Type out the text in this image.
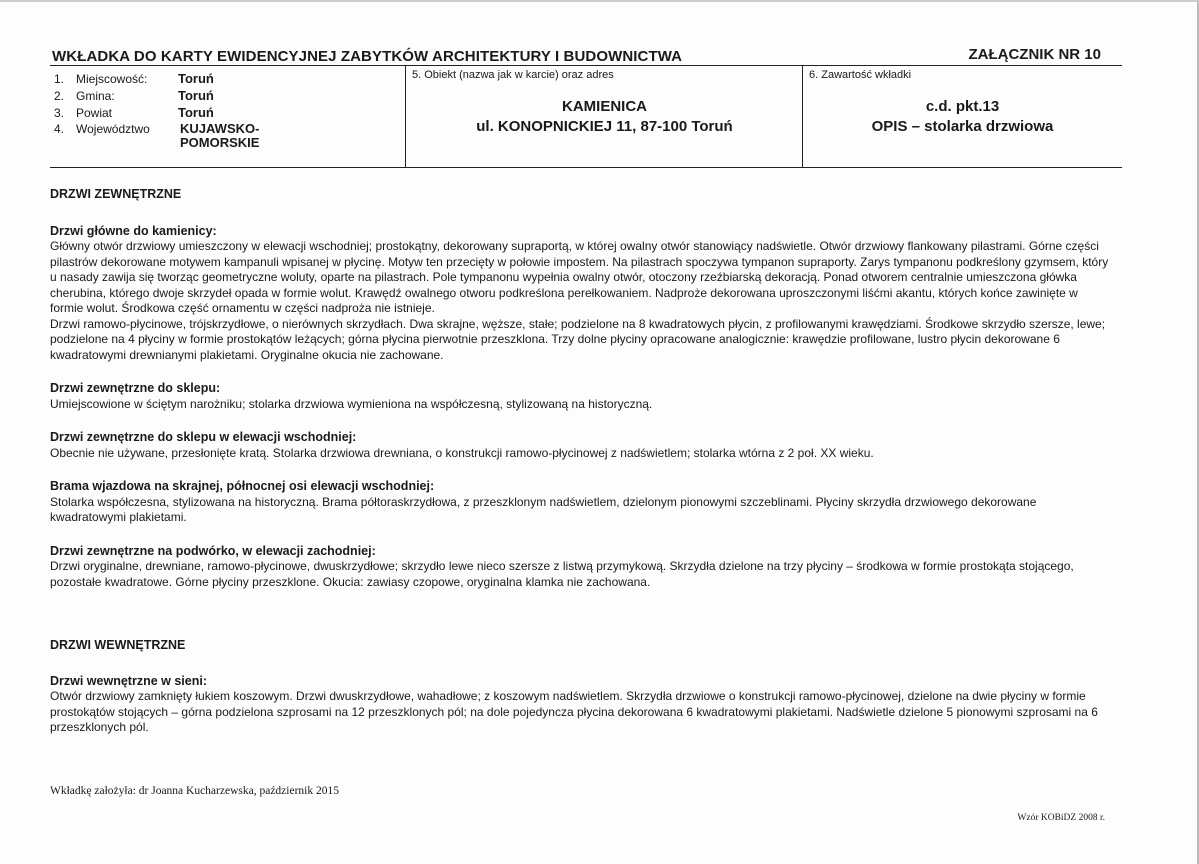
WKŁADKA DO KARTY EWIDENCYJNEJ ZABYTKÓW ARCHITEKTURY I BUDOWNICTWA	ZAŁĄCZNIK NR 10
1. Miejscowość: Toruń
2. Gmina:	Toruń
3. Powiat	Toruń
4. Województwo KUJAWSKO-POMORSKIE
5. Obiekt (nazwa jak w karcie) oraz adres
KAMIENICA
ul. KONOPNICKIEJ 11, 87-100 Toruń
6. Zawartość wkładki
c.d. pkt.13
OPIS – stolarka drzwiowa

DRZWI ZEWNĘTRZNE

Drzwi główne do kamienicy:

Główny otwór drzwiowy umieszczony w elewacji wschodniej; prostokątny, dekorowany supraportą, w której owalny otwór stanowiący nadświetle. Otwór drzwiowy flankowany pilastrami. Górne części pilastrów dekorowane motywem kampanuli wpisanej w płycinę. Motyw ten przecięty w połowie impostem. Na pilastrach spoczywa tympanon supraporty. Zarys tympanonu podkreślony gzymsem, który u nasady zawija się tworząc geometryczne woluty, oparte na pilastrach. Pole tympanonu wypełnia owalny otwór, otoczony rzeźbiarską dekoracją. Ponad otworem centralnie umieszczona główka cherubina, którego dwoje skrzydeł opada w formie wolut. Krawędź owalnego otworu podkreślona perełkowaniem. Nadproże dekorowana uproszczonymi liśćmi akantu, których końce zawinięte w formie wolut. Środkowa część ornamentu w części nadproża nie istnieje.

Drzwi ramowo-płycinowe, trójskrzydłowe, o nierównych skrzydłach. Dwa skrajne, węższe, stałe; podzielone na 8 kwadratowych płycin, z profilowanymi krawędziami. Środkowe skrzydło szersze, lewe; podzielone na 4 płyciny w formie prostokątów leżących; górna płycina pierwotnie przeszklona. Trzy dolne płyciny opracowane analogicznie: krawędzie profilowane, lustro płycin dekorowane 6 kwadratowymi drewnianymi plakietami. Oryginalne okucia nie zachowane.

Drzwi zewnętrzne do sklepu:

Umiejscowione w ściętym narożniku; stolarka drzwiowa wymieniona na współczesną, stylizowaną na historyczną.

Drzwi zewnętrzne do sklepu w elewacji wschodniej:

Obecnie nie używane, przesłonięte kratą. Stolarka drzwiowa drewniana, o konstrukcji ramowo-płycinowej z nadświetlem; stolarka wtórna z 2 poł. XX wieku.

Brama wjazdowa na skrajnej, północnej osi elewacji wschodniej:

Stolarka współczesna, stylizowana na historyczną. Brama półtoraskrzydłowa, z przeszklonym nadświetlem, dzielonym pionowymi szczeblinami. Płyciny skrzydła drzwiowego dekorowane kwadratowymi plakietami.

Drzwi zewnętrzne na podwórko, w elewacji zachodniej:

Drzwi oryginalne, drewniane, ramowo-płycinowe, dwuskrzydłowe; skrzydło lewe nieco szersze z listwą przymykową. Skrzydła dzielone na trzy płyciny – środkowa w formie prostokąta stojącego, pozostałe kwadratowe. Górne płyciny przeszklone. Okucia: zawiasy czopowe, oryginalna klamka nie zachowana.

DRZWI WEWNĘTRZNE

Drzwi wewnętrzne w sieni:

Otwór drzwiowy zamknięty łukiem koszowym. Drzwi dwuskrzydłowe, wahadłowe; z koszowym nadświetlem. Skrzydła drzwiowe o konstrukcji ramowo-płycinowej, dzielone na dwie płyciny w formie prostokątów stojących – górna podzielona szprosami na 12 przeszklonych pól; na dole pojedyncza płycina dekorowana 6 kwadratowymi plakietami. Nadświetle dzielone 5 pionowymi szprosami na 6 przeszklonych pól.

Wkładkę założyła: dr Joanna Kucharzewska, październik 2015
Wzór KOBiDZ 2008 r.
